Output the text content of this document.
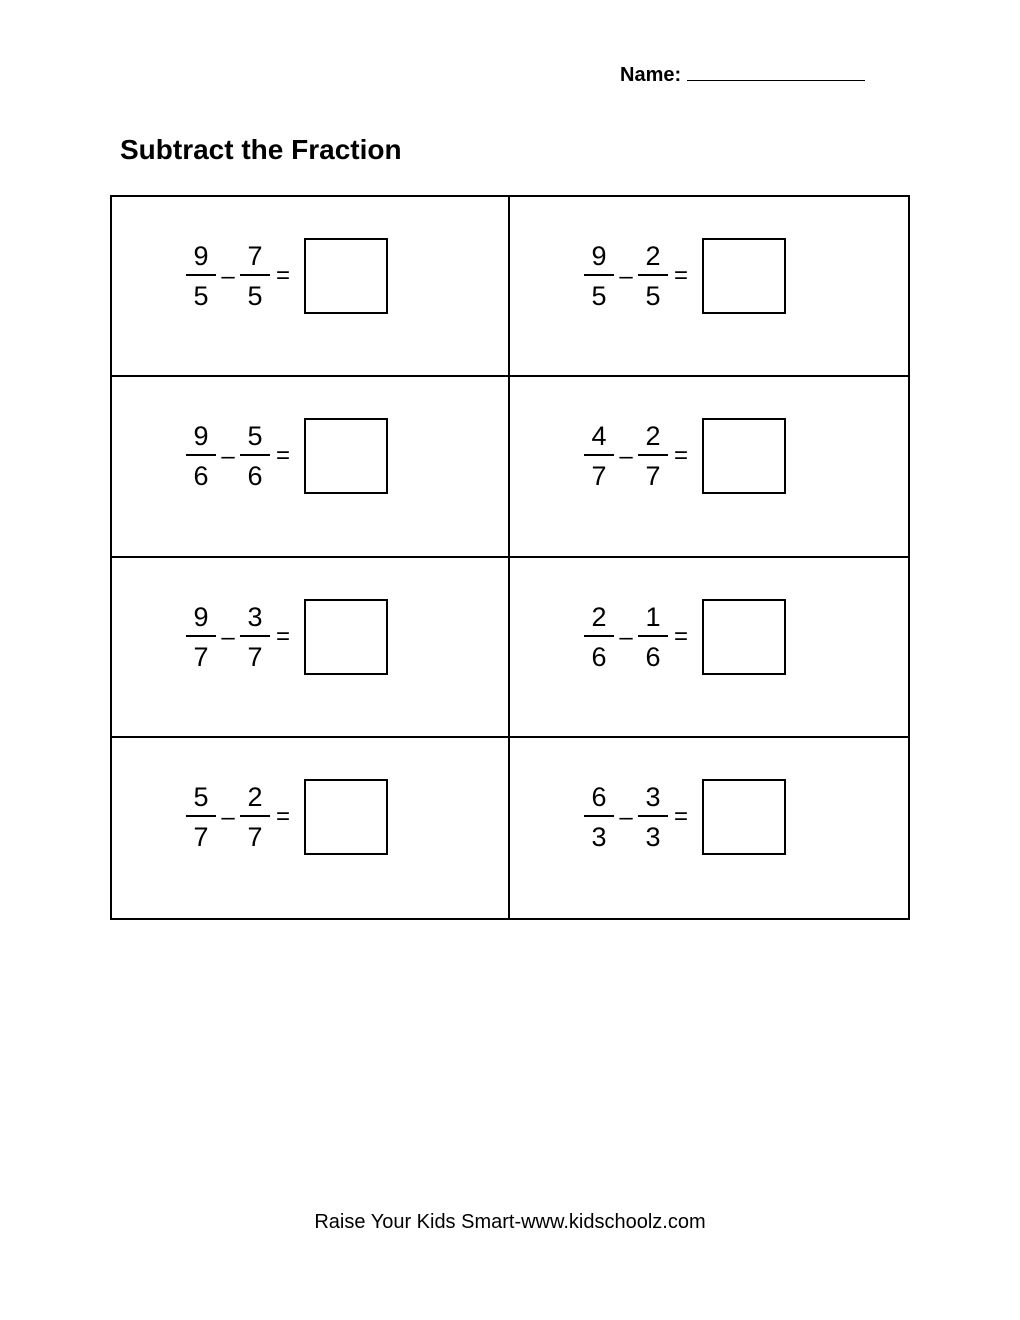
Name:
Subtract the Fraction
$\frac{9}{5} - \frac{7}{5}$ =	$\frac{9}{5} - \frac{2}{5}$ =
$\frac{9}{6} - \frac{5}{6}$ =	$\frac{4}{7} - \frac{2}{7}$ =
$\frac{9}{7} - \frac{3}{7}$ =	$\frac{2}{6} - \frac{1}{6}$ =
$\frac{5}{7} - \frac{2}{7}$ =	$\frac{6}{3} - \frac{3}{3}$ =
Raise Your Kids Smart-www.kidschoolz.com
